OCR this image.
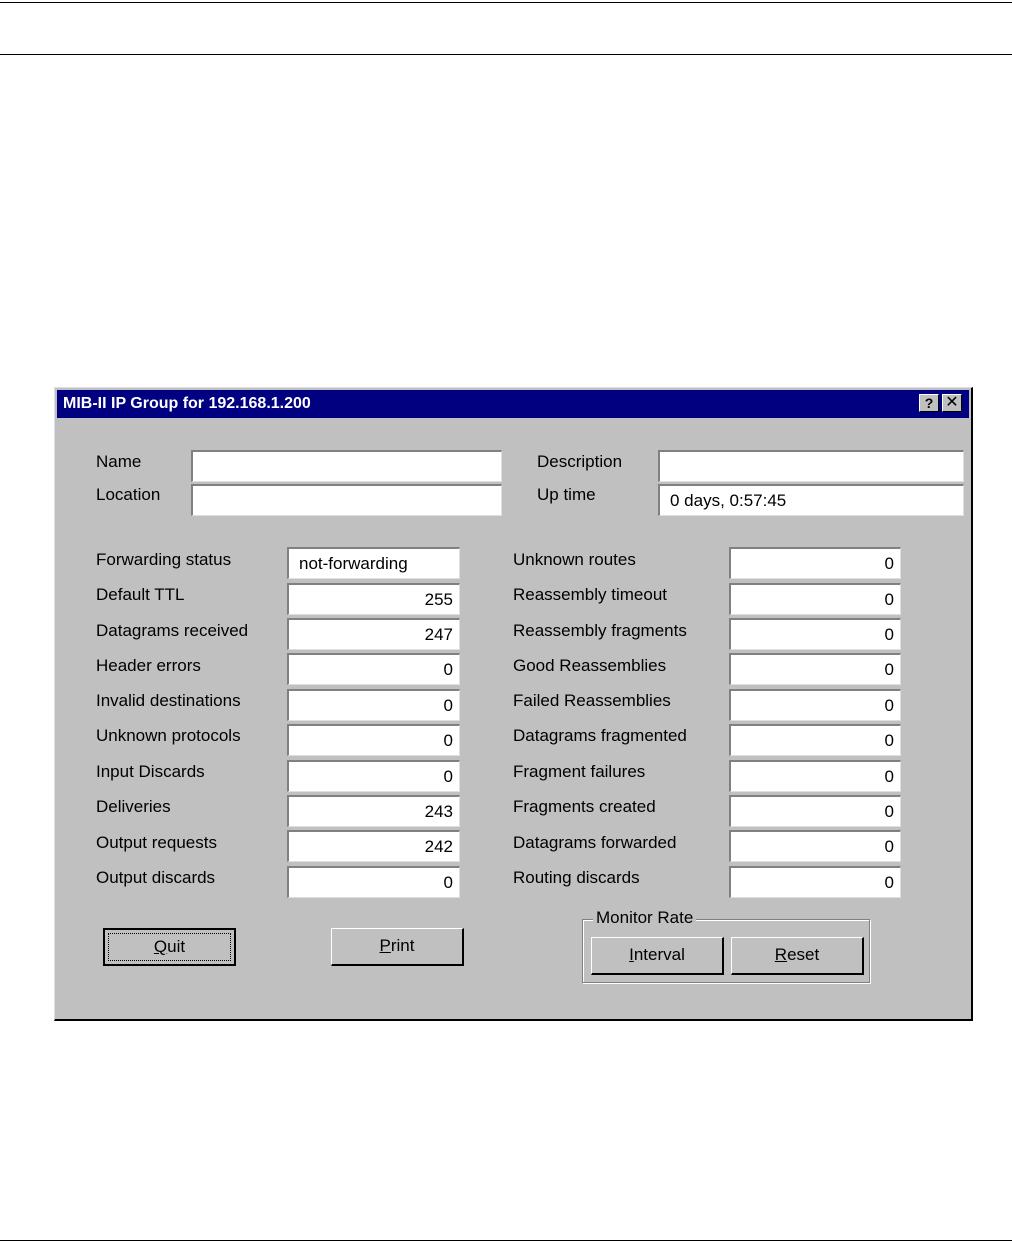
MIB-II IP Group for 192.168.1.200	? ✕
Name
Location
Description
Up time	0 days, 0:57:45
Forwarding status	not-forwarding
Default TTL	255
Datagrams received	247
Header errors	0
Invalid destinations	0
Unknown protocols	0
Input Discards	0
Deliveries	243
Output requests	242
Output discards	0
Unknown routes	0
Reassembly timeout	0
Reassembly fragments	0
Good Reassemblies	0
Failed Reassemblies	0
Datagrams fragmented	0
Fragment failures	0
Fragments created	0
Datagrams forwarded	0
Routing discards	0
Quit	Print
Monitor Rate
Interval	Reset
